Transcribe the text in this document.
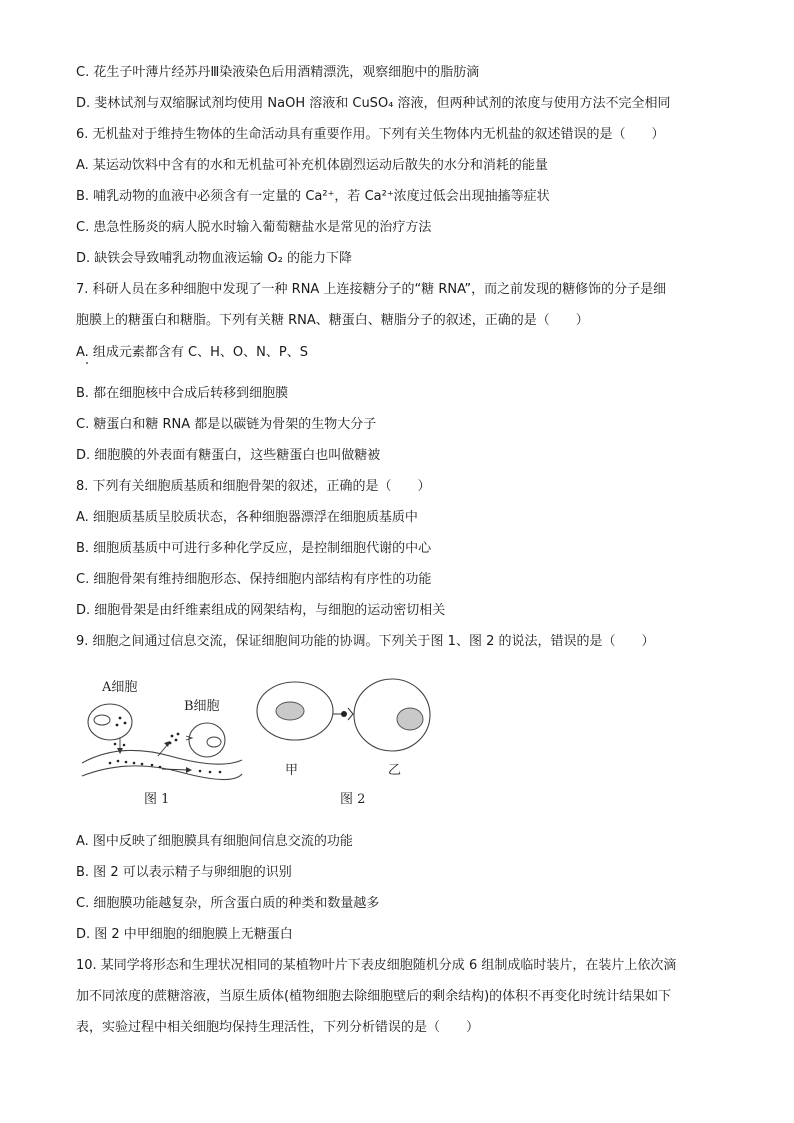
C. 花生子叶薄片经苏丹Ⅲ染液染色后用酒精漂洗，观察细胞中的脂肪滴
D. 斐林试剂与双缩脲试剂均使用 NaOH 溶液和 CuSO₄ 溶液，但两种试剂的浓度与使用方法不完全相同
6. 无机盐对于维持生物体的生命活动具有重要作用。下列有关生物体内无机盐的叙述错误的是（　　）
A. 某运动饮料中含有的水和无机盐可补充机体剧烈运动后散失的水分和消耗的能量
B. 哺乳动物的血液中必须含有一定量的 Ca²⁺，若 Ca²⁺浓度过低会出现抽搐等症状
C. 患急性肠炎的病人脱水时输入葡萄糖盐水是常见的治疗方法
D. 缺铁会导致哺乳动物血液运输 O₂ 的能力下降
7. 科研人员在多种细胞中发现了一种 RNA 上连接糖分子的“糖 RNA”，而之前发现的糖修饰的分子是细
胞膜上的糖蛋白和糖脂。下列有关糖 RNA、糖蛋白、糖脂分子的叙述，正确的是（　　）
A. 组成元素都含有 C、H、O、N、P、S
B. 都在细胞核中合成后转移到细胞膜
C. 糖蛋白和糖 RNA 都是以碳链为骨架的生物大分子
D. 细胞膜的外表面有糖蛋白，这些糖蛋白也叫做糖被
8. 下列有关细胞质基质和细胞骨架的叙述，正确的是（　　）
A. 细胞质基质呈胶质状态，各种细胞器漂浮在细胞质基质中
B. 细胞质基质中可进行多种化学反应，是控制细胞代谢的中心
C. 细胞骨架有维持细胞形态、保持细胞内部结构有序性的功能
D. 细胞骨架是由纤维素组成的网架结构，与细胞的运动密切相关
9. 细胞之间通过信息交流，保证细胞间功能的协调。下列关于图 1、图 2 的说法，错误的是（　　）
A. 图中反映了细胞膜具有细胞间信息交流的功能
B. 图 2 可以表示精子与卵细胞的识别
C. 细胞膜功能越复杂，所含蛋白质的种类和数量越多
D. 图 2 中甲细胞的细胞膜上无糖蛋白
10. 某同学将形态和生理状况相同的某植物叶片下表皮细胞随机分成 6 组制成临时装片，在装片上依次滴
加不同浓度的蔗糖溶液，当原生质体(植物细胞去除细胞壁后的剩余结构)的体积不再变化时统计结果如下
表，实验过程中相关细胞均保持生理活性，下列分析错误的是（　　）
A细胞
B细胞
图 1
甲	乙
图 2
